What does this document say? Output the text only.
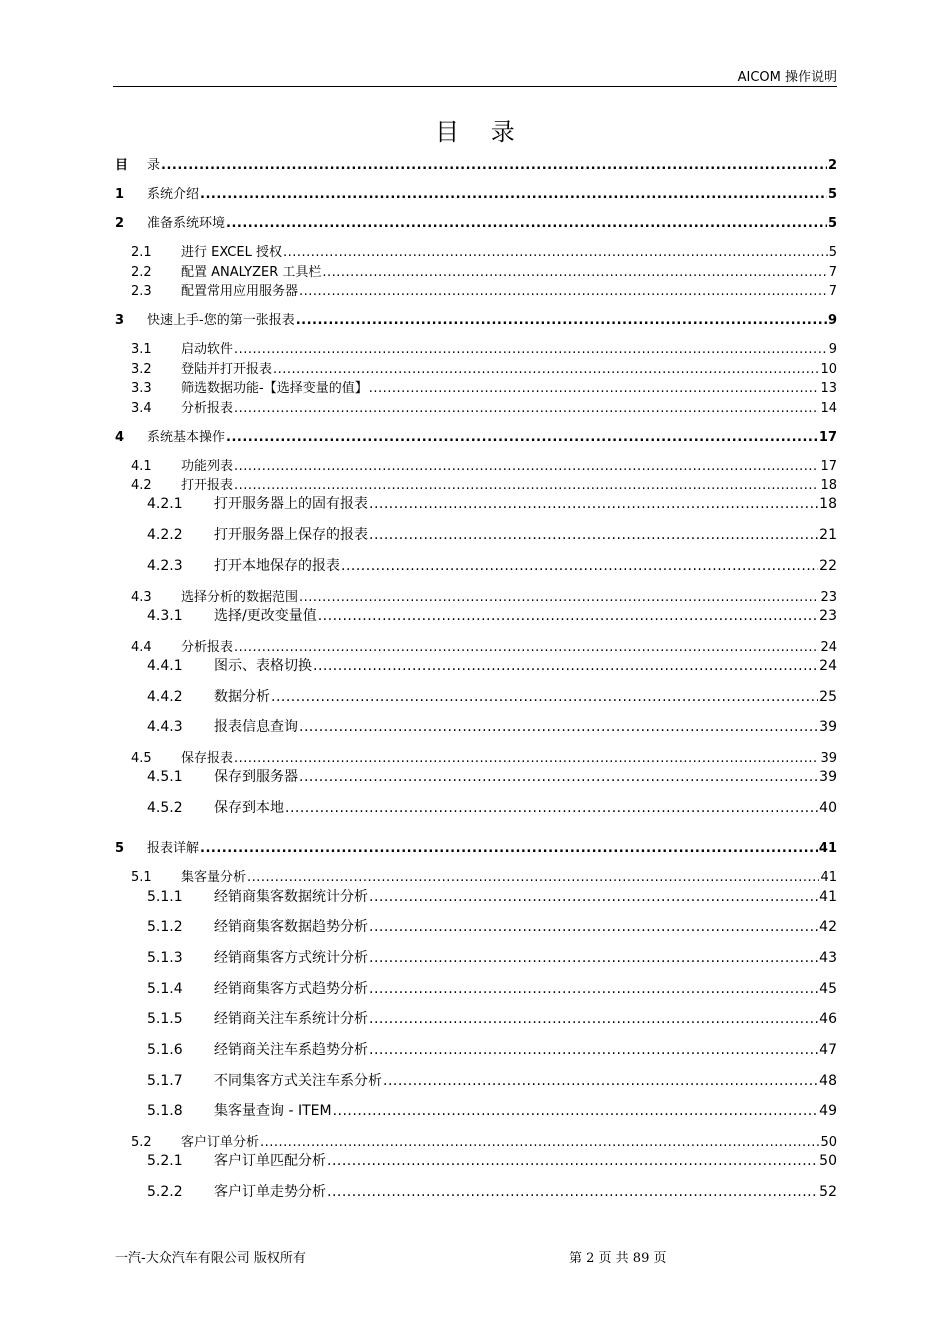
AICOM 操作说明
目 录
目	录 .....	2
1	系统介绍 .....	5
2	准备系统环境 .....	5
2.1	进行 EXCEL 授权 .....	5
2.2	配置 ANALYZER 工具栏 .....	7
2.3	配置常用应用服务器 .....	7
3	快速上手-您的第一张报表 .....	9
3.1	启动软件 .....	9
3.2	登陆并打开报表 .....	10
3.3	筛选数据功能-【选择变量的值】 .....	13
3.4	分析报表 .....	14
4	系统基本操作 .....	17
4.1	功能列表 .....	17
4.2	打开报表 .....	18
4.2.1	打开服务器上的固有报表 .....	18
4.2.2	打开服务器上保存的报表 .....	21
4.2.3	打开本地保存的报表 .....	22
4.3	选择分析的数据范围 .....	23
4.3.1	选择/更改变量值 .....	23
4.4	分析报表 .....	24
4.4.1	图示、表格切换 .....	24
4.4.2	数据分析 .....	25
4.4.3	报表信息查询 .....	39
4.5	保存报表 .....	39
4.5.1	保存到服务器 .....	39
4.5.2	保存到本地 .....	40
5	报表详解 .....	41
5.1	集客量分析 .....	41
5.1.1	经销商集客数据统计分析 .....	41
5.1.2	经销商集客数据趋势分析 .....	42
5.1.3	经销商集客方式统计分析 .....	43
5.1.4	经销商集客方式趋势分析 .....	45
5.1.5	经销商关注车系统计分析 .....	46
5.1.6	经销商关注车系趋势分析 .....	47
5.1.7	不同集客方式关注车系分析 .....	48
5.1.8	集客量查询 - ITEM .....	49
5.2	客户订单分析 .....	50
5.2.1	客户订单匹配分析 .....	50
5.2.2	客户订单走势分析 .....	52
一汽-大众汽车有限公司 版权所有	第 2 页 共 89 页
